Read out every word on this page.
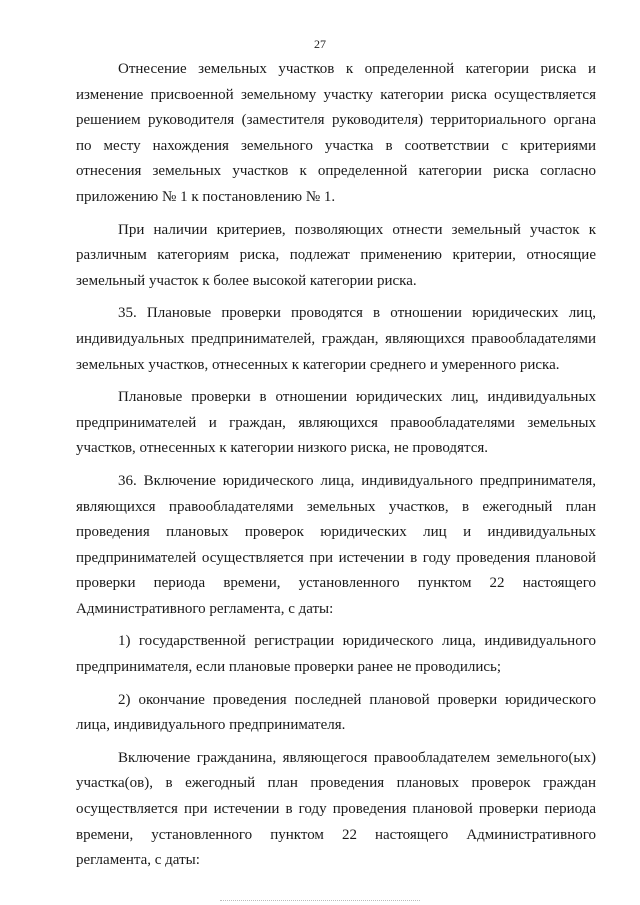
27
Отнесение земельных участков к определенной категории риска и
изменение присвоенной земельному участку категории риска осуществляется
решением руководителя (заместителя руководителя) территориального органа
по месту нахождения земельного участка в соответствии с критериями
отнесения земельных участков к определенной категории риска согласно
приложению № 1 к постановлению № 1.
При наличии критериев, позволяющих отнести земельный участок к
различным категориям риска, подлежат применению критерии, относящие
земельный участок к более высокой категории риска.
35. Плановые проверки проводятся в отношении юридических лиц,
индивидуальных предпринимателей, граждан, являющихся правообладателями
земельных участков, отнесенных к категории среднего и умеренного риска.
Плановые проверки в отношении юридических лиц, индивидуальных
предпринимателей и граждан, являющихся правообладателями земельных
участков, отнесенных к категории низкого риска, не проводятся.
36. Включение юридического лица, индивидуального предпринимателя,
являющихся правообладателями земельных участков, в ежегодный план
проведения плановых проверок юридических лиц и индивидуальных
предпринимателей осуществляется при истечении в году проведения плановой
проверки периода времени, установленного пунктом 22 настоящего
Административного регламента, с даты:
1) государственной регистрации юридического лица, индивидуального
предпринимателя, если плановые проверки ранее не проводились;
2) окончание проведения последней плановой проверки юридического
лица, индивидуального предпринимателя.
Включение гражданина, являющегося правообладателем земельного(ых)
участка(ов), в ежегодный план проведения плановых проверок граждан
осуществляется при истечении в году проведения плановой проверки периода
времени, установленного пунктом 22 настоящего Административного
регламента, с даты:
